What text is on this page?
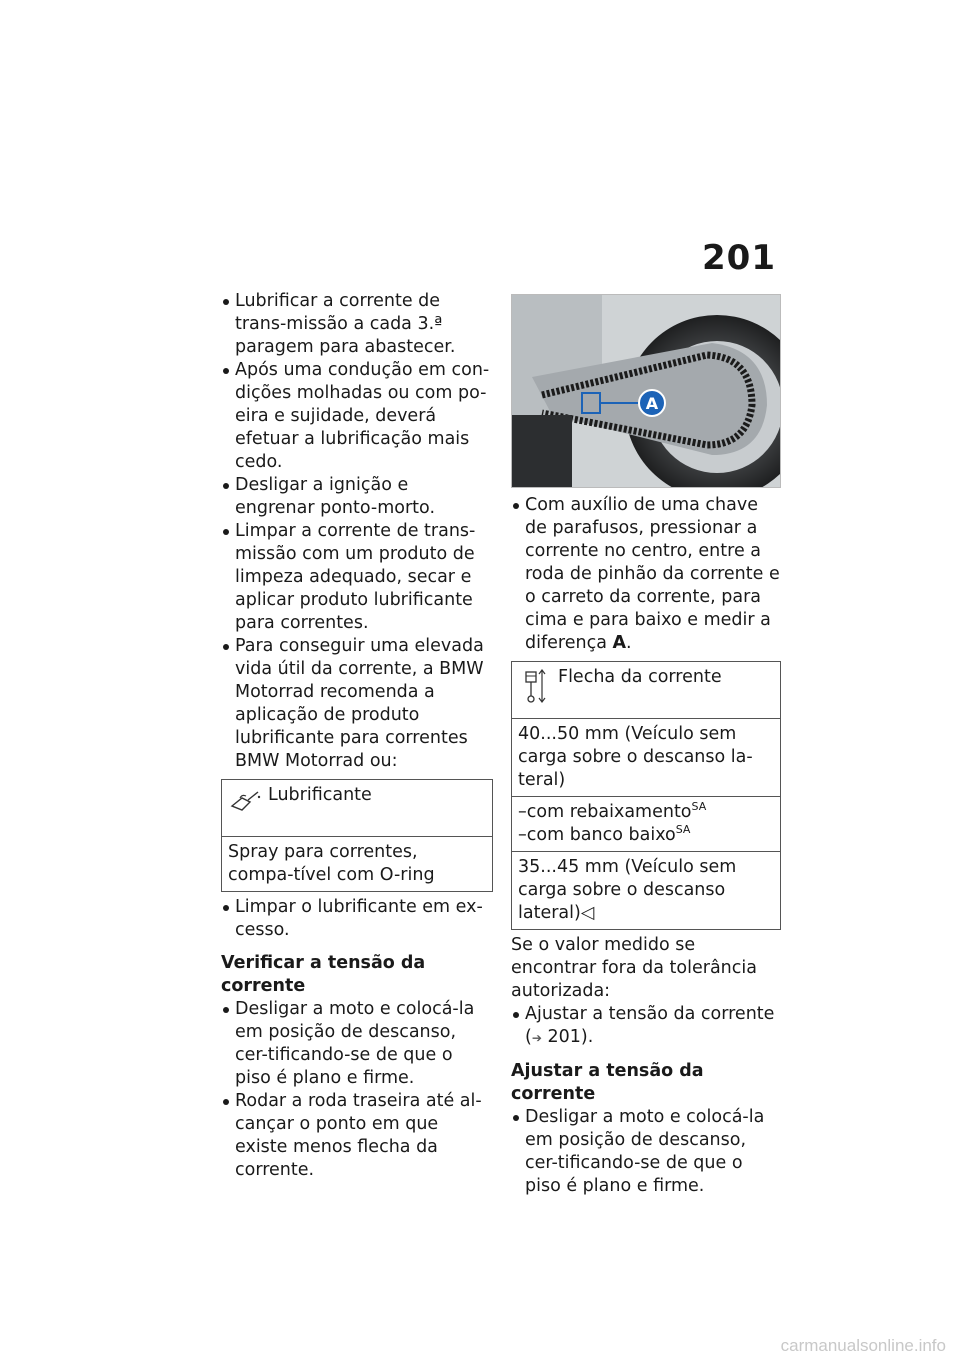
201
Lubrificar a corrente de trans-missão a cada 3.ª paragem para abastecer.
Após uma condução em con-dições molhadas ou com po-eira e sujidade, deverá efetuar a lubrificação mais cedo.
Desligar a ignição e engrenar ponto-morto.
Limpar a corrente de trans-missão com um produto de limpeza adequado, secar e aplicar produto lubrificante para correntes.
Para conseguir uma elevada vida útil da corrente, a BMW Motorrad recomenda a aplicação de produto lubrificante para correntes BMW Motorrad ou:
Lubrificante
Spray para correntes, compa-tível com O-ring
Limpar o lubrificante em ex-cesso.
Verificar a tensão da corrente
Desligar a moto e colocá-la em posição de descanso, cer-tificando-se de que o piso é plano e firme.
Rodar a roda traseira até al-cançar o ponto em que existe menos flecha da corrente.
A
Com auxílio de uma chave de parafusos, pressionar a corrente no centro, entre a roda de pinhão da corrente e o carreto da corrente, para cima e para baixo e medir a diferença A.
Flecha da corrente
40...50 mm (Veículo sem carga sobre o descanso la-teral)
–com rebaixamento$^{SA}$
–com banco baixo$^{SA}$
35...45 mm (Veículo sem carga sobre o descanso lateral)◁
Se o valor medido se encontrar fora da tolerância autorizada:
Ajustar a tensão da corrente (➔ 201).
Ajustar a tensão da corrente
Desligar a moto e colocá-la em posição de descanso, cer-tificando-se de que o piso é plano e firme.
carmanualsonline.info
